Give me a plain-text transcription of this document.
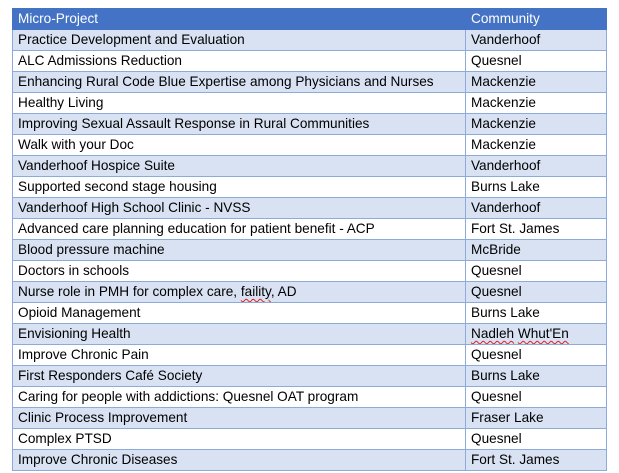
Micro-Project	Community
Practice Development and Evaluation	Vanderhoof
ALC Admissions Reduction	Quesnel
Enhancing Rural Code Blue Expertise among Physicians and Nurses	Mackenzie
Healthy Living	Mackenzie
Improving Sexual Assault Response in Rural Communities	Mackenzie
Walk with your Doc	Mackenzie
Vanderhoof Hospice Suite	Vanderhoof
Supported second stage housing	Burns Lake
Vanderhoof High School Clinic - NVSS	Vanderhoof
Advanced care planning education for patient benefit - ACP	Fort St. James
Blood pressure machine	McBride
Doctors in schools	Quesnel
Nurse role in PMH for complex care, faility, AD	Quesnel
Opioid Management	Burns Lake
Envisioning Health	Nadleh Whut'En
Improve Chronic Pain	Quesnel
First Responders Café Society	Burns Lake
Caring for people with addictions: Quesnel OAT program	Quesnel
Clinic Process Improvement	Fraser Lake
Complex PTSD	Quesnel
Improve Chronic Diseases	Fort St. James
